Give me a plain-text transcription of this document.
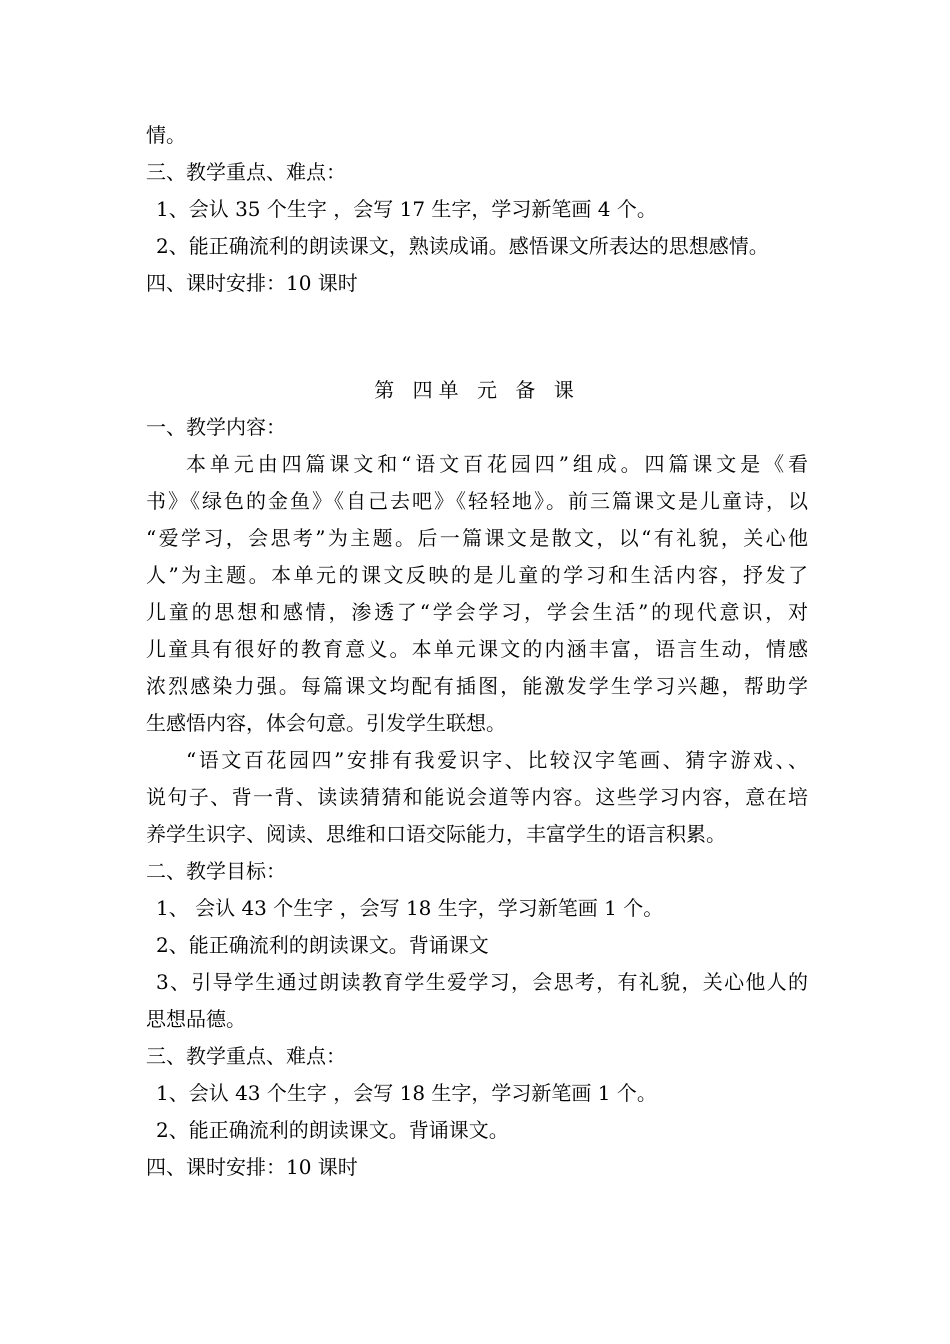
情。
三、教学重点、难点：
1、会认 35 个生字 ，会写 17 生字，学习新笔画 4 个。
2、能正确流利的朗读课文，熟读成诵。感悟课文所表达的思想感情。
四、课时安排：10 课时
第 四单 元 备 课
一、教学内容：
本单元由四篇课文和“语文百花园四”组成。四篇课文是《看
书》《绿色的金鱼》《自己去吧》《轻轻地》。前三篇课文是儿童诗，以
“爱学习，会思考”为主题。后一篇课文是散文，以“有礼貌，关心他
人”为主题。本单元的课文反映的是儿童的学习和生活内容，抒发了
儿童的思想和感情，渗透了“学会学习，学会生活”的现代意识，对
儿童具有很好的教育意义。本单元课文的内涵丰富，语言生动，情感
浓烈感染力强。每篇课文均配有插图，能激发学生学习兴趣，帮助学
生感悟内容，体会句意。引发学生联想。
“语文百花园四”安排有我爱识字、比较汉字笔画、猜字游戏、、
说句子、背一背、读读猜猜和能说会道等内容。这些学习内容，意在培
养学生识字、阅读、思维和口语交际能力，丰富学生的语言积累。
二、教学目标：
1、 会认 43 个生字 ，会写 18 生字，学习新笔画 1 个。
2、能正确流利的朗读课文。背诵课文
3、引导学生通过朗读教育学生爱学习，会思考，有礼貌，关心他人的
思想品德。
三、教学重点、难点：
1、会认 43 个生字 ，会写 18 生字，学习新笔画 1 个。
2、能正确流利的朗读课文。背诵课文。
四、课时安排：10 课时
